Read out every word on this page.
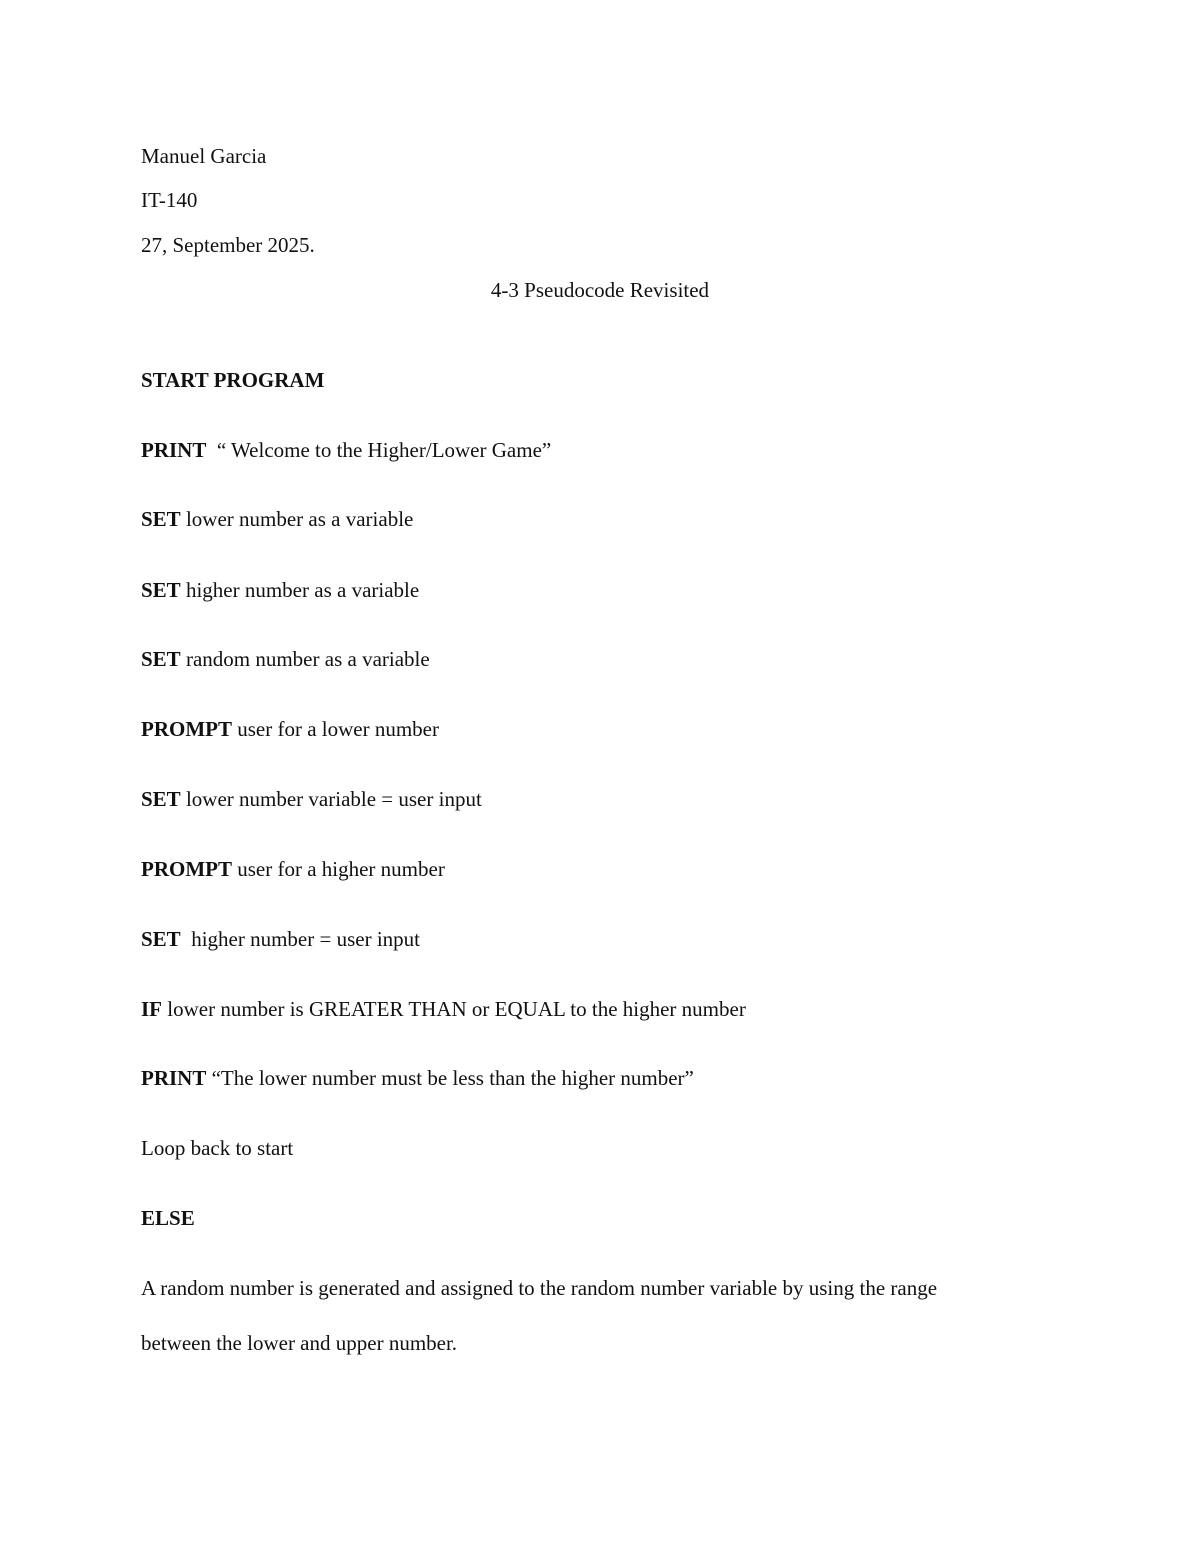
Manuel Garcia
IT-140
27, September 2025.
4-3 Pseudocode Revisited
START PROGRAM
PRINT  “ Welcome to the Higher/Lower Game”
SET lower number as a variable
SET higher number as a variable
SET random number as a variable
PROMPT user for a lower number
SET lower number variable = user input
PROMPT user for a higher number
SET  higher number = user input
IF lower number is GREATER THAN or EQUAL to the higher number
PRINT “The lower number must be less than the higher number”
Loop back to start
ELSE
A random number is generated and assigned to the random number variable by using the range
between the lower and upper number.
